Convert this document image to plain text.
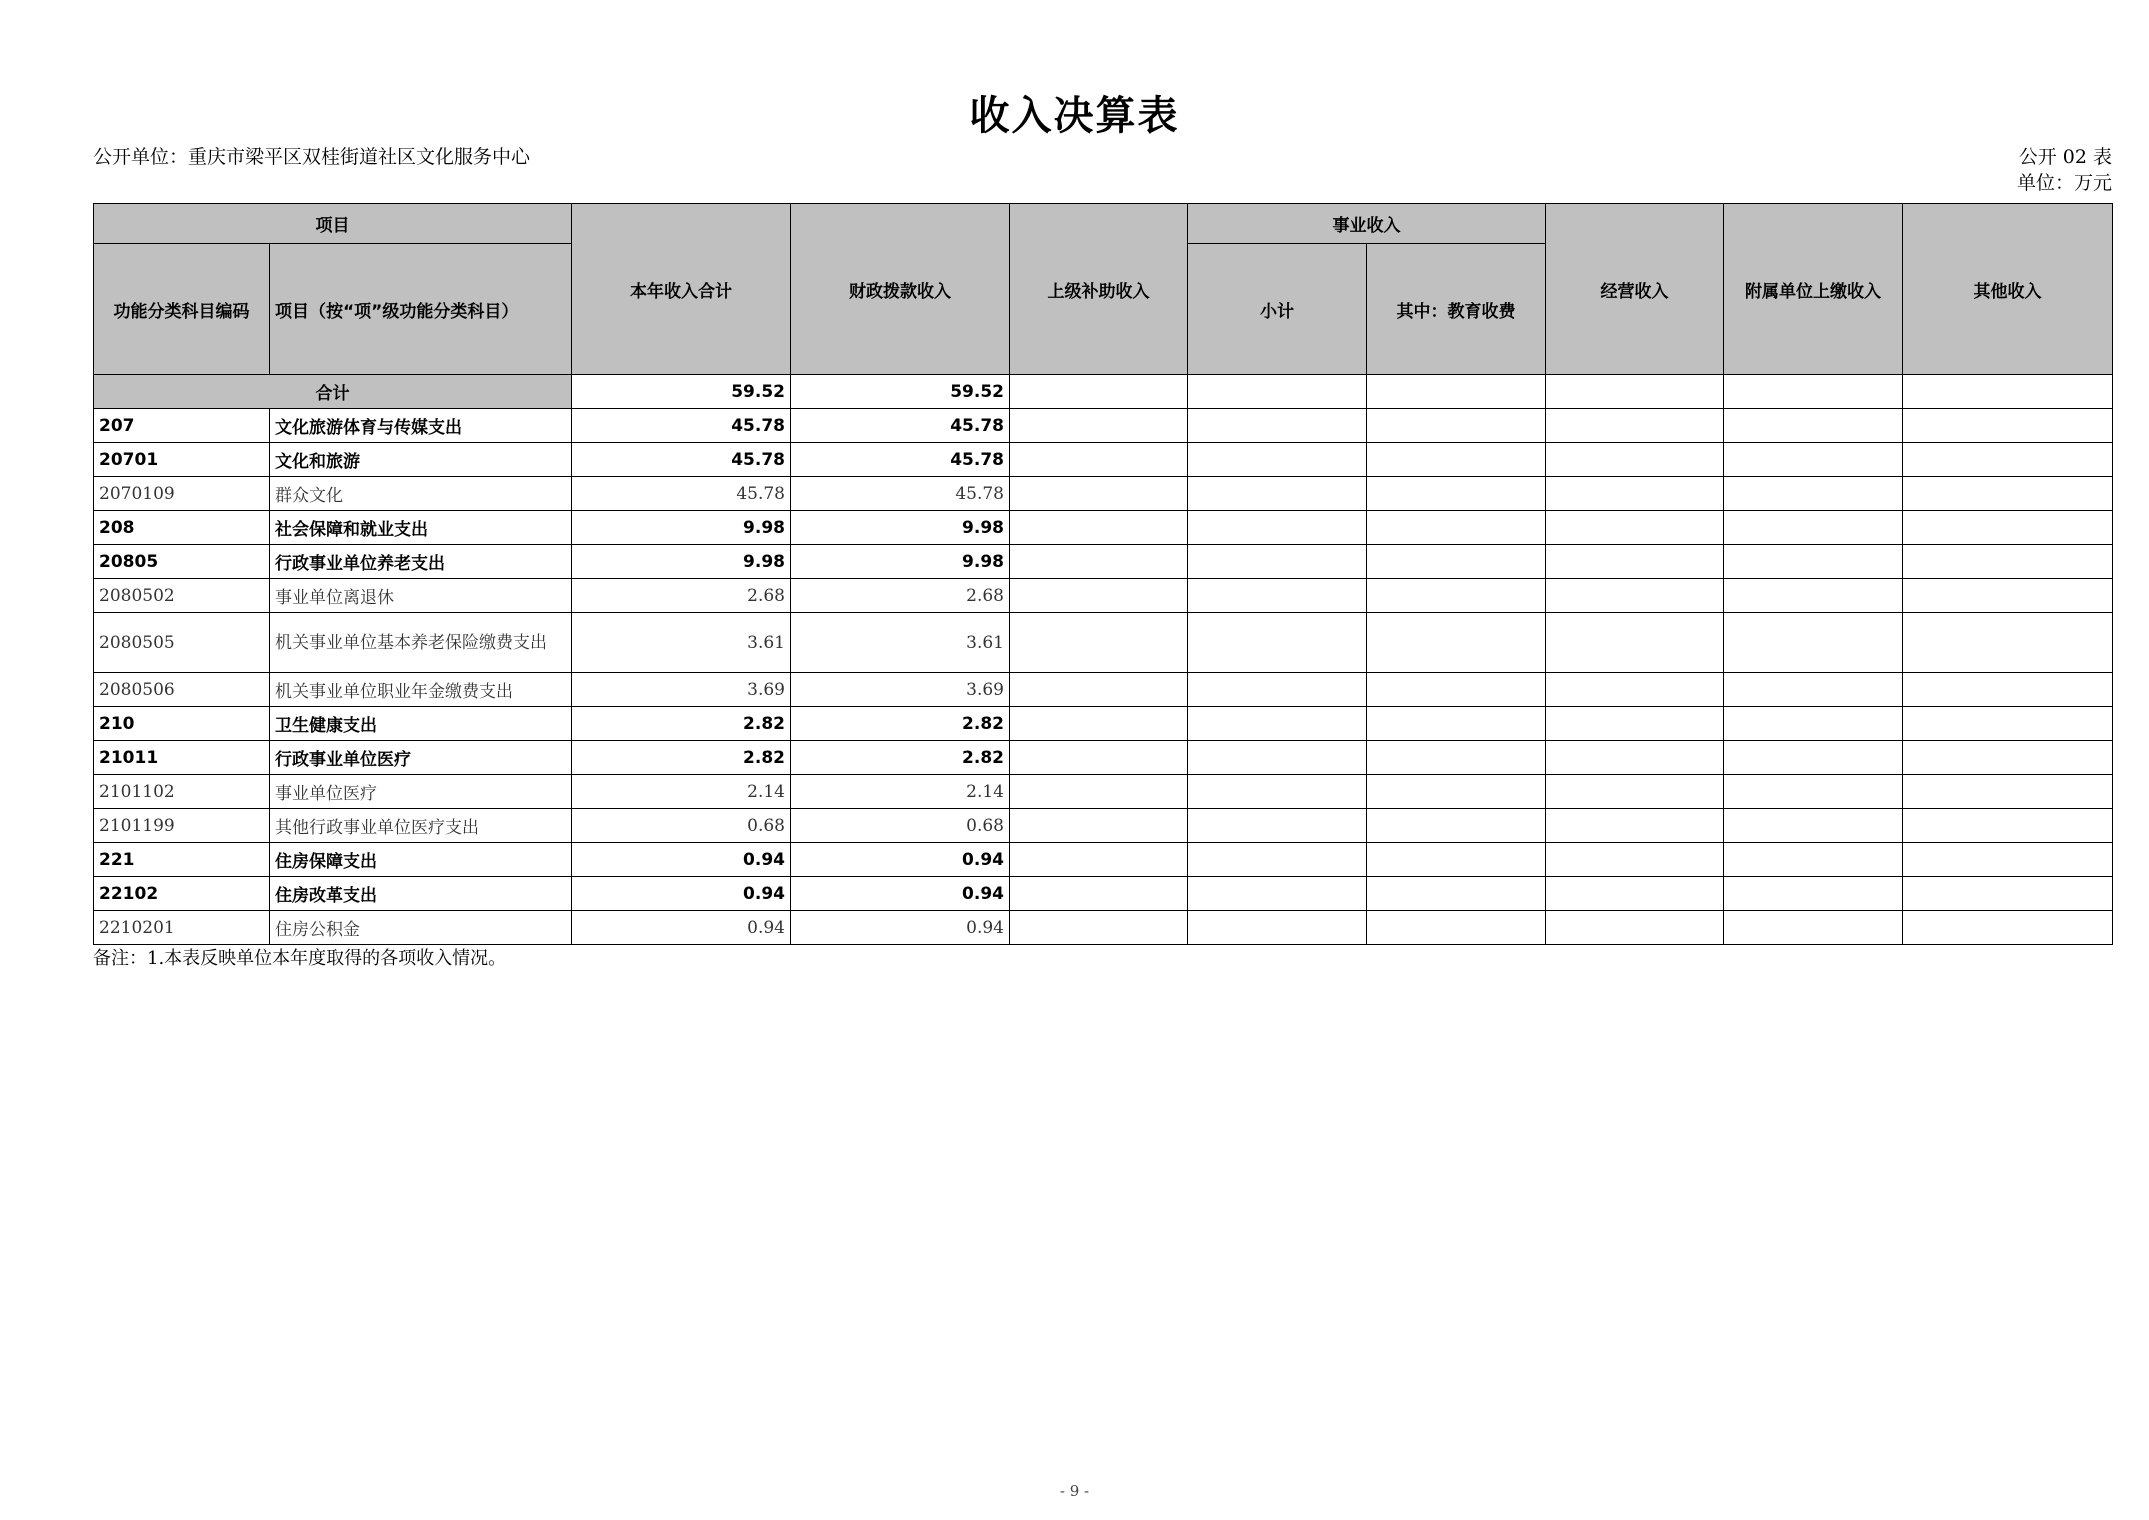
收入决算表
公开单位：重庆市梁平区双桂街道社区文化服务中心	公开 02 表
单位：万元
项目		本年收入合计	财政拨款收入	上级补助收入	事业收入		经营收入	附属单位上缴收入	其他收入
功能分类科目编码	项目（按“项”级功能分类科目）				小计	其中：教育收费			
合计		59.52	59.52						
207	文化旅游体育与传媒支出	45.78	45.78						
20701	文化和旅游	45.78	45.78						
2070109	群众文化	45.78	45.78						
208	社会保障和就业支出	9.98	9.98						
20805	行政事业单位养老支出	9.98	9.98						
2080502	事业单位离退休	2.68	2.68						
2080505	机关事业单位基本养老保险缴费支出	3.61	3.61						
2080506	机关事业单位职业年金缴费支出	3.69	3.69						
210	卫生健康支出	2.82	2.82						
21011	行政事业单位医疗	2.82	2.82						
2101102	事业单位医疗	2.14	2.14						
2101199	其他行政事业单位医疗支出	0.68	0.68						
221	住房保障支出	0.94	0.94						
22102	住房改革支出	0.94	0.94						
2210201	住房公积金	0.94	0.94						
备注：1.本表反映单位本年度取得的各项收入情况。
- 9 -
